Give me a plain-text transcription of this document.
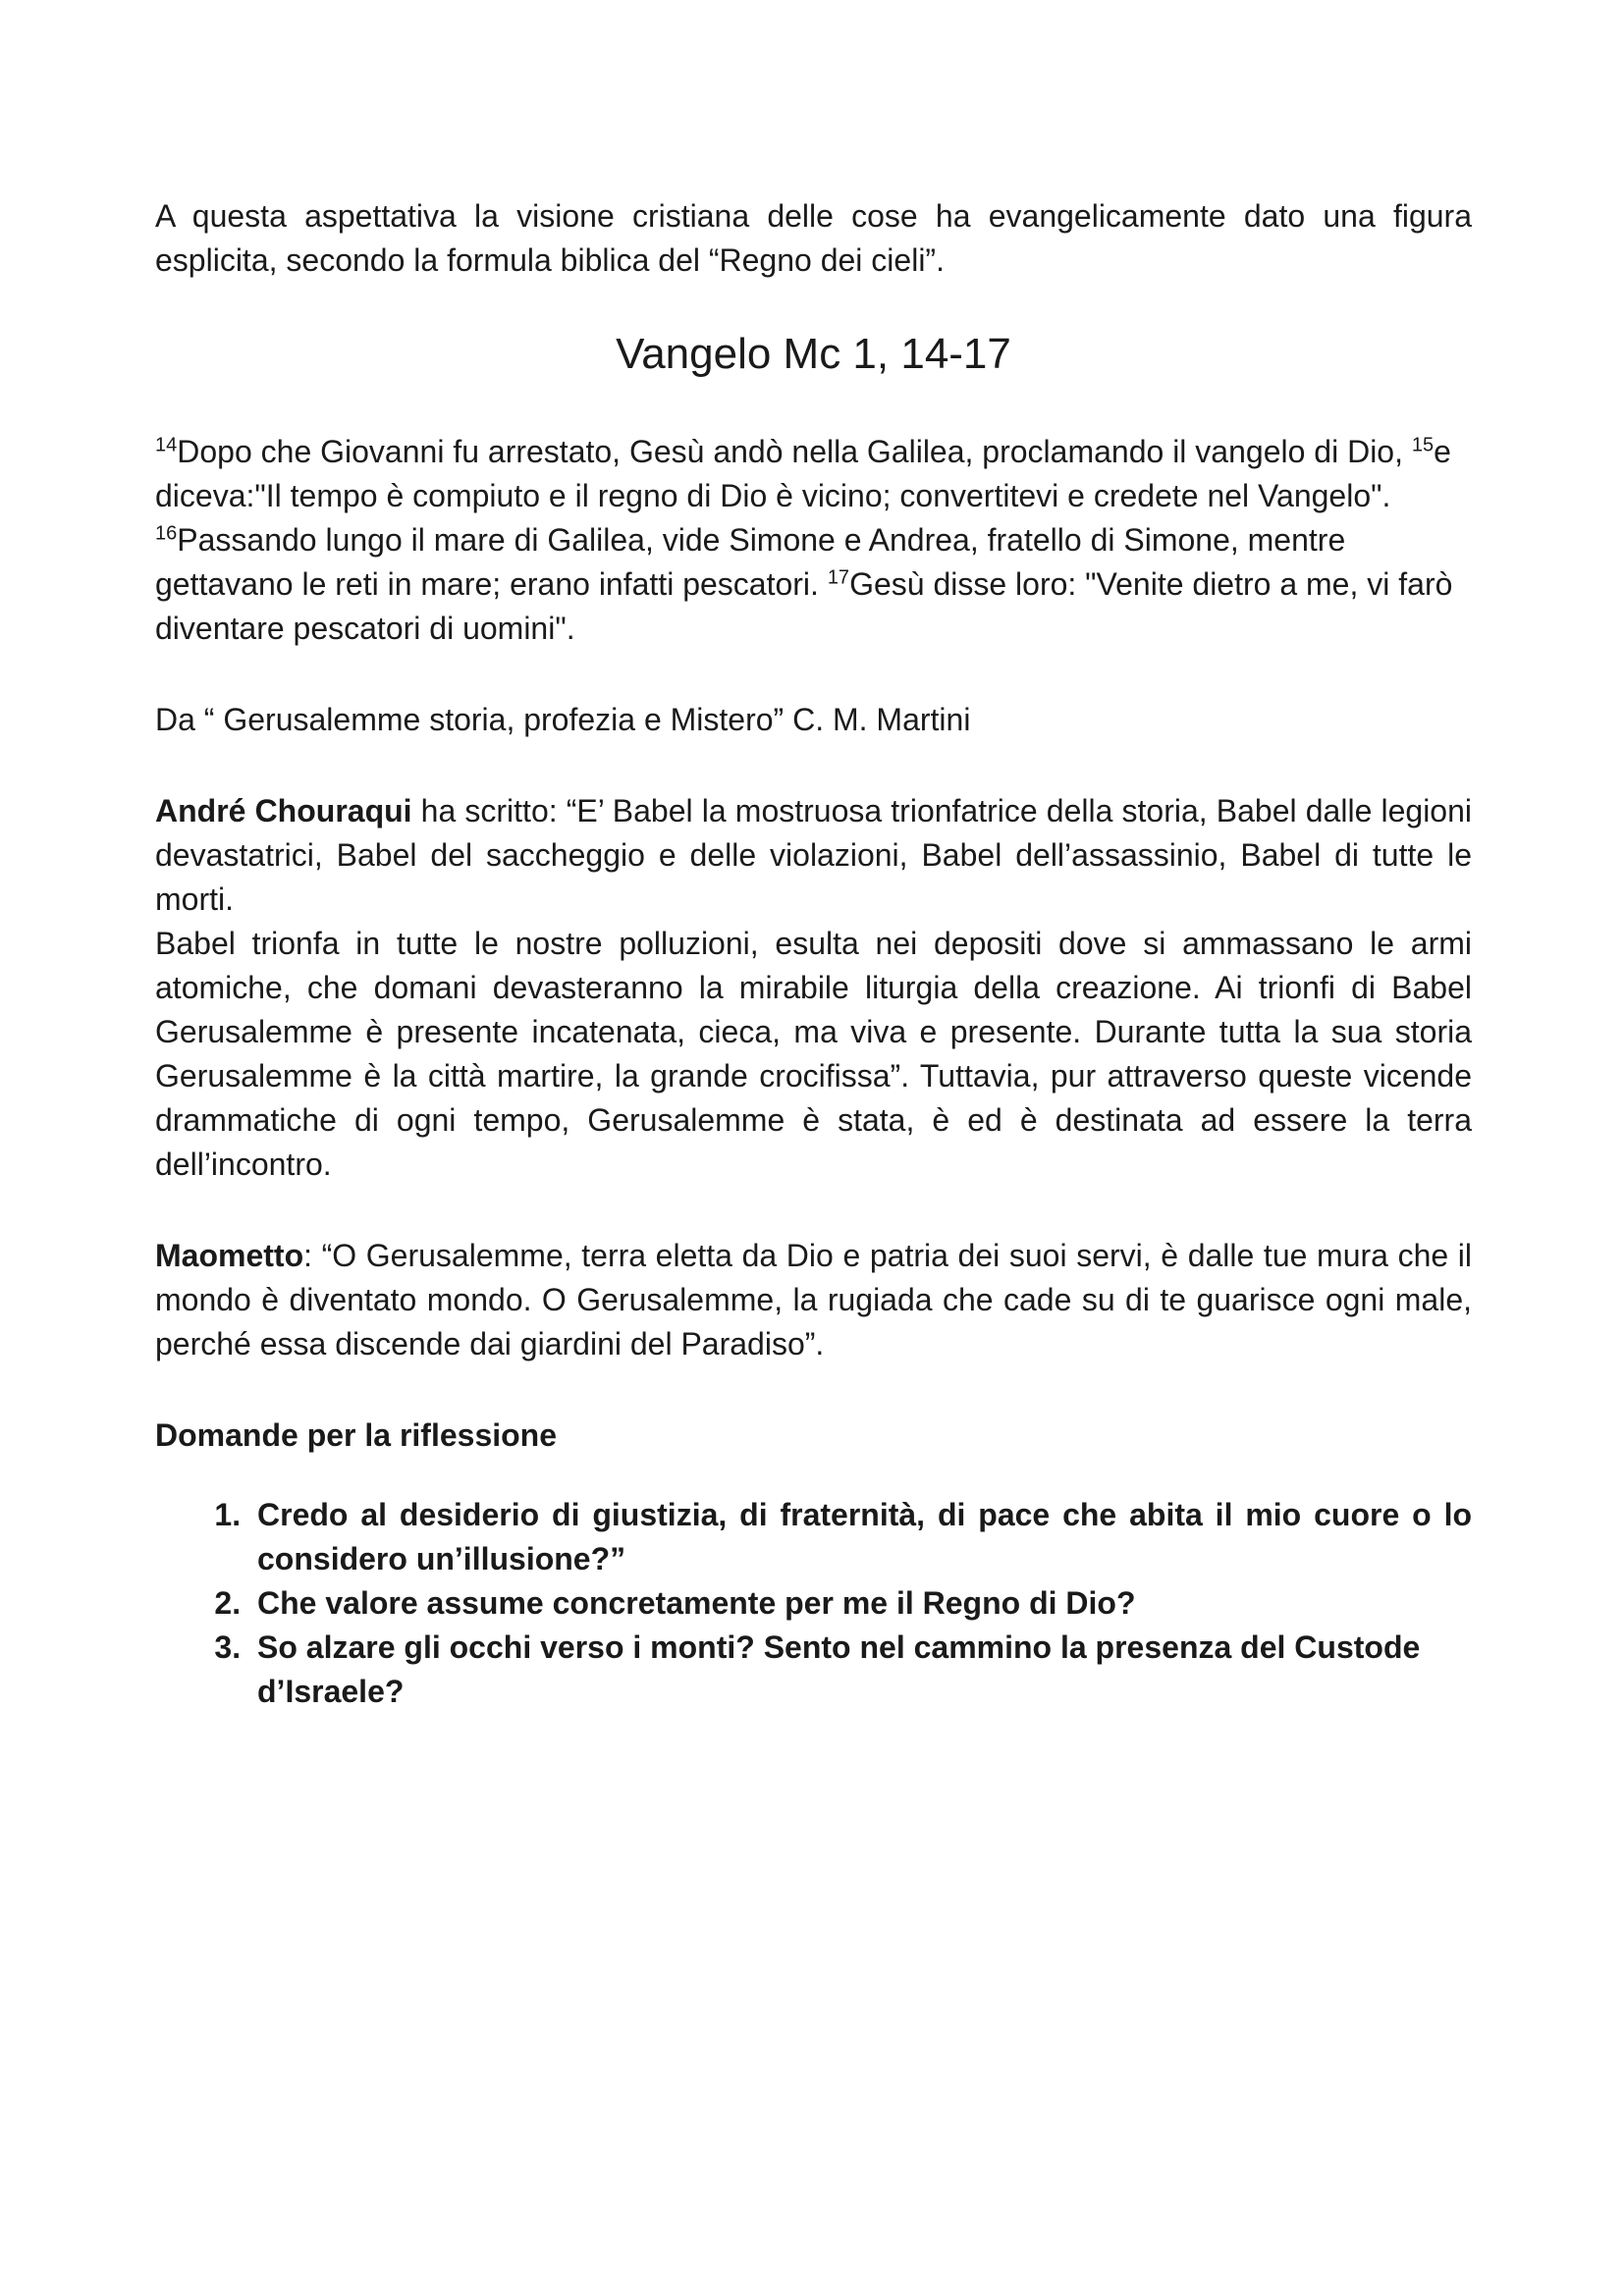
A questa aspettativa la visione cristiana delle cose ha evangelicamente dato una figura esplicita, secondo la formula biblica del “Regno dei cieli”.

Vangelo Mc 1, 14-17

$^{14}$Dopo che Giovanni fu arrestato, Gesù andò nella Galilea, proclamando il vangelo di Dio, $^{15}$e diceva:"Il tempo è compiuto e il regno di Dio è vicino; convertitevi e credete nel Vangelo". $^{16}$Passando lungo il mare di Galilea, vide Simone e Andrea, fratello di Simone, mentre gettavano le reti in mare; erano infatti pescatori. $^{17}$Gesù disse loro: "Venite dietro a me, vi farò diventare pescatori di uomini".

Da “ Gerusalemme storia, profezia e Mistero” C. M. Martini

André Chouraqui ha scritto: “E’ Babel la mostruosa trionfatrice della storia, Babel dalle legioni devastatrici, Babel del saccheggio e delle violazioni, Babel dell’assassinio, Babel di tutte le morti.

Babel trionfa in tutte le nostre polluzioni, esulta nei depositi dove si ammassano le armi atomiche, che domani devasteranno la mirabile liturgia della creazione. Ai trionfi di Babel Gerusalemme è presente incatenata, cieca, ma viva e presente. Durante tutta la sua storia Gerusalemme è la città martire, la grande crocifissa”. Tuttavia, pur attraverso queste vicende drammatiche di ogni tempo, Gerusalemme è stata, è ed è destinata ad essere la terra dell’incontro.

Maometto: “O Gerusalemme, terra eletta da Dio e patria dei suoi servi, è dalle tue mura che il mondo è diventato mondo. O Gerusalemme, la rugiada che cade su di te guarisce ogni male, perché essa discende dai giardini del Paradiso”.

Domande per la riflessione

1. Credo al desiderio di giustizia, di fraternità, di pace che abita il mio cuore o lo considero un’illusione?”
2. Che valore assume concretamente per me il Regno di Dio?
3. So alzare gli occhi verso i monti? Sento nel cammino la presenza del Custode d’Israele?
